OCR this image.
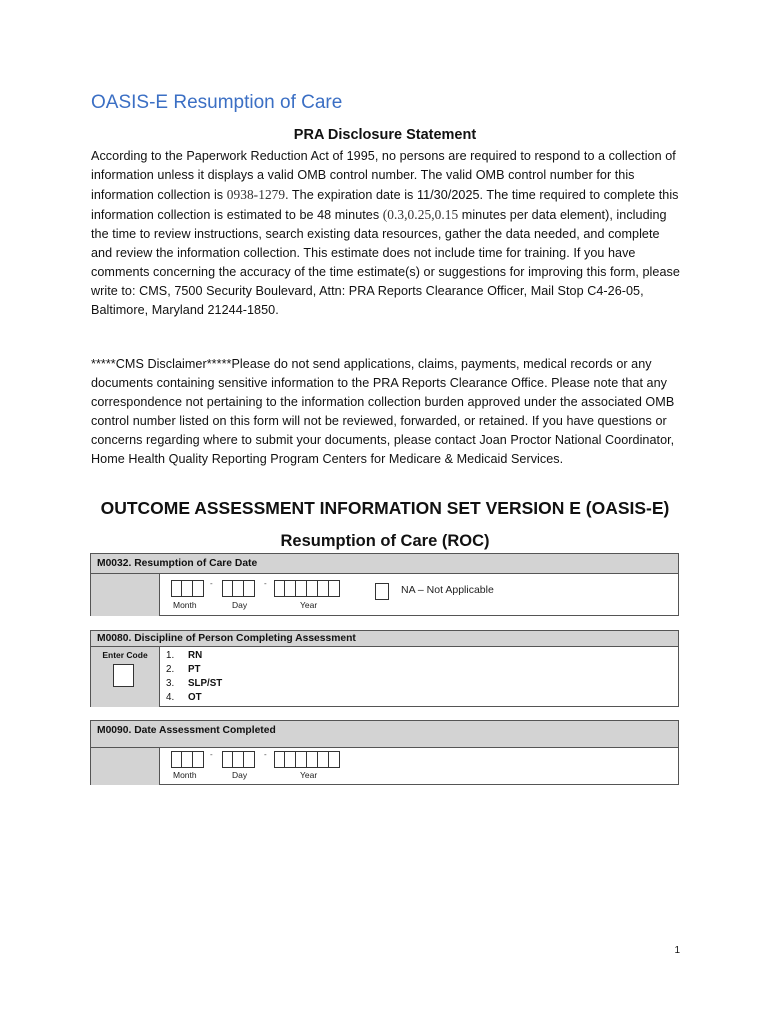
OASIS-E Resumption of Care
PRA Disclosure Statement

According to the Paperwork Reduction Act of 1995, no persons are required to respond to a collection of information unless it displays a valid OMB control number. The valid OMB control number for this information collection is 0938-1279. The expiration date is 11/30/2025. The time required to complete this information collection is estimated to be 48 minutes (0.3,0.25,0.15 minutes per data element), including the time to review instructions, search existing data resources, gather the data needed, and complete and review the information collection. This estimate does not include time for training. If you have comments concerning the accuracy of the time estimate(s) or suggestions for improving this form, please write to: CMS, 7500 Security Boulevard, Attn: PRA Reports Clearance Officer, Mail Stop C4-26-05, Baltimore, Maryland 21244-1850.

*****CMS Disclaimer*****Please do not send applications, claims, payments, medical records or any documents containing sensitive information to the PRA Reports Clearance Office. Please note that any correspondence not pertaining to the information collection burden approved under the associated OMB control number listed on this form will not be reviewed, forwarded, or retained. If you have questions or concerns regarding where to submit your documents, please contact Joan Proctor National Coordinator, Home Health Quality Reporting Program Centers for Medicare & Medicaid Services.

OUTCOME ASSESSMENT INFORMATION SET VERSION E (OASIS-E)
Resumption of Care (ROC)
M0032. Resumption of Care Date
-	-
Month	Day	Year
NA – Not Applicable
M0080. Discipline of Person Completing Assessment
Enter Code	1. RN
2. PT
3. SLP/ST
4. OT
M0090. Date Assessment Completed
-	-
Month	Day	Year
1
